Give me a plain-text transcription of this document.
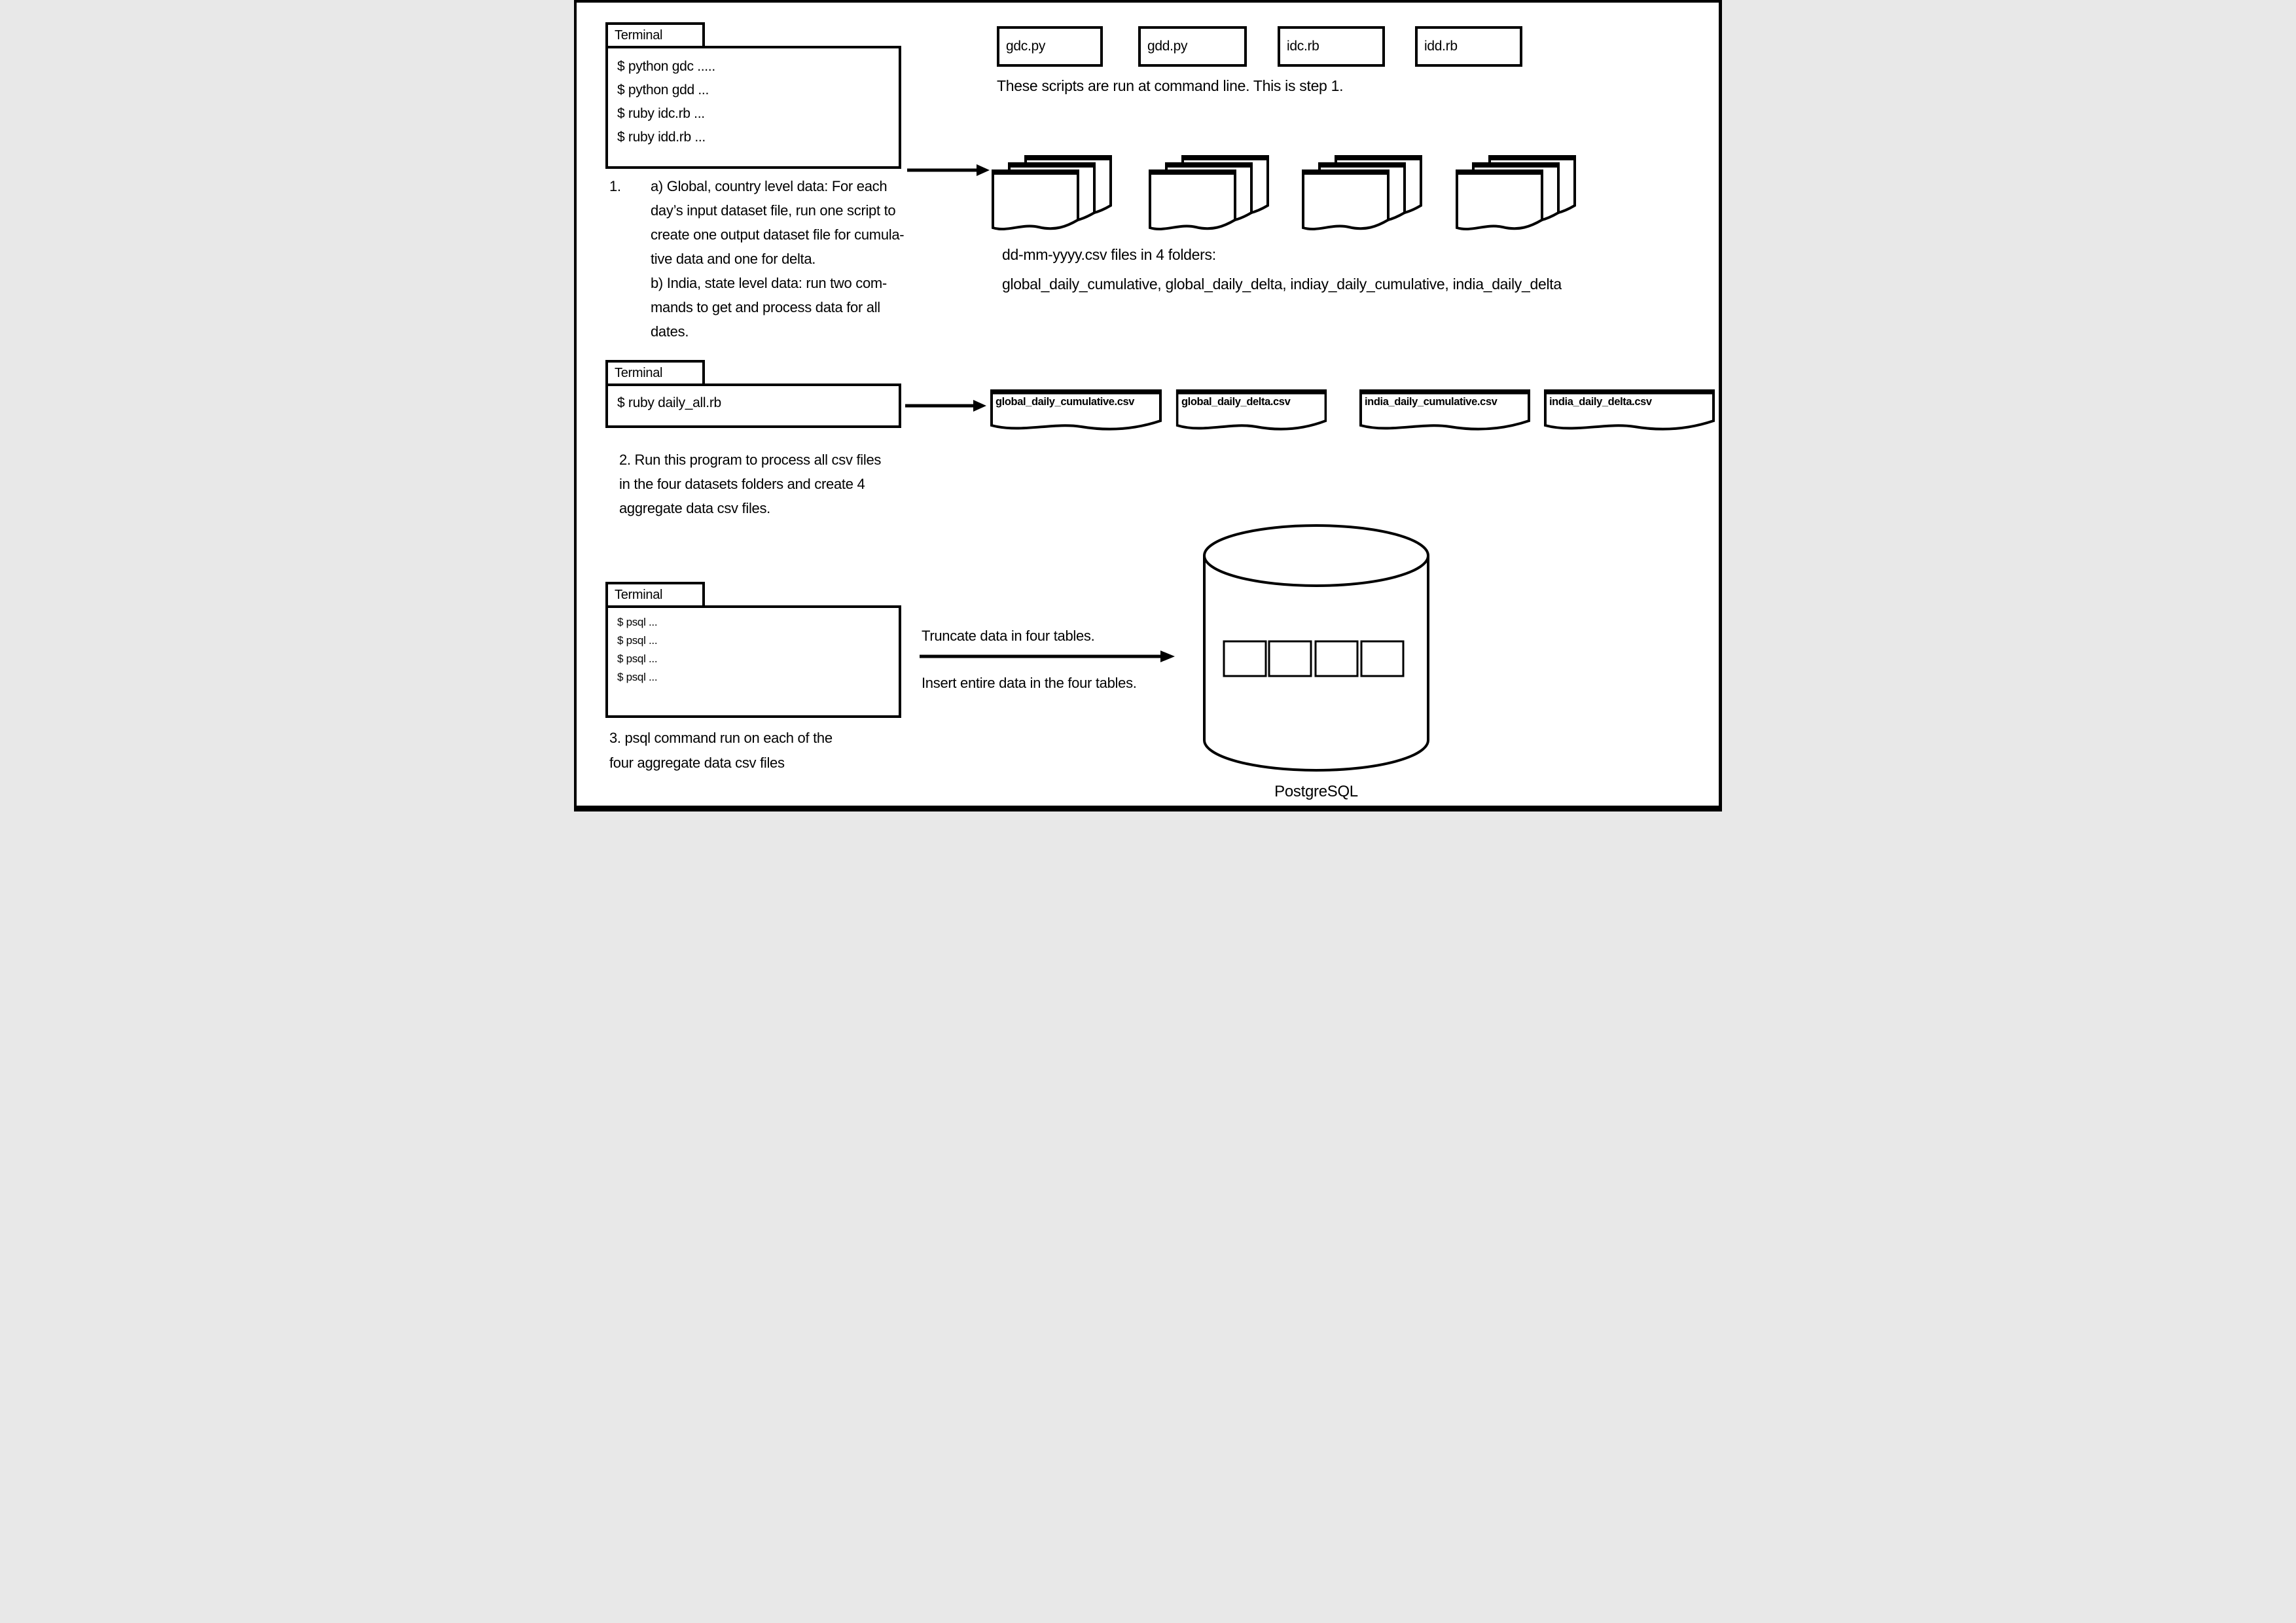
Terminal
$ python gdc .....
$ python gdd ...
$ ruby idc.rb ...
$ ruby idd.rb ...
gdc.py	gdd.py	idc.rb	idd.rb
These scripts are run at command line. This is step 1.
1. a) Global, country level data: For each
day’s input dataset file, run one script to
create one output dataset file for cumula-
tive data and one for delta.
b) India, state level data: run two com-
mands to get and process data for all
dates.
dd-mm-yyyy.csv files in 4 folders:
global_daily_cumulative, global_daily_delta, indiay_daily_cumulative, india_daily_delta
Terminal
$ ruby daily_all.rb	global_daily_cumulative.csv	global_daily_delta.csv	india_daily_cumulative.csv	india_daily_delta.csv
2. Run this program to process all csv files
in the four datasets folders and create 4
aggregate data csv files.
Terminal
$ psql ...
$ psql ...
$ psql ...
$ psql ...
3. psql command run on each of the
four aggregate data csv files
Truncate data in four tables.
Insert entire data in the four tables.
PostgreSQL
